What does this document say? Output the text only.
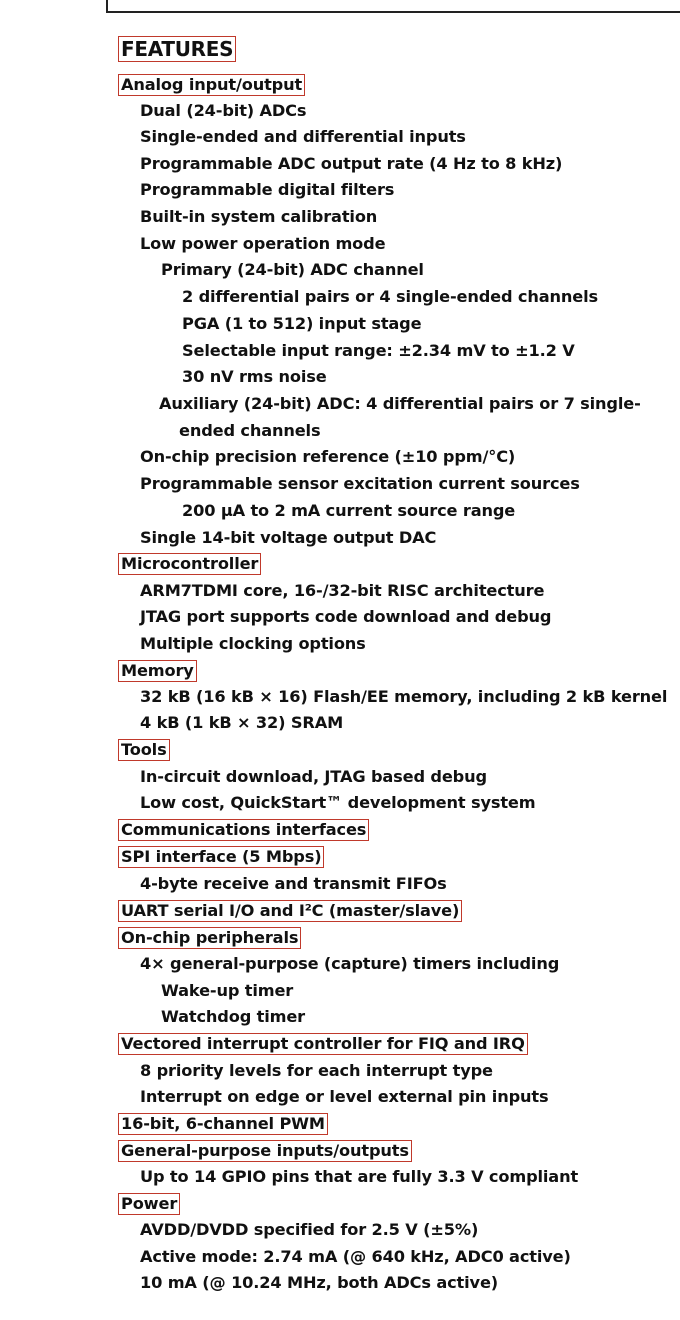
FEATURES
Analog input/output
Dual (24-bit) ADCs
Single-ended and differential inputs
Programmable ADC output rate (4 Hz to 8 kHz)
Programmable digital filters
Built-in system calibration
Low power operation mode
Primary (24-bit) ADC channel
2 differential pairs or 4 single-ended channels
PGA (1 to 512) input stage
Selectable input range: ±2.34 mV to ±1.2 V
30 nV rms noise
Auxiliary (24-bit) ADC: 4 differential pairs or 7 single-
ended channels
On-chip precision reference (±10 ppm/°C)
Programmable sensor excitation current sources
200 µA to 2 mA current source range
Single 14-bit voltage output DAC
Microcontroller
ARM7TDMI core, 16-/32-bit RISC architecture
JTAG port supports code download and debug
Multiple clocking options
Memory
32 kB (16 kB × 16) Flash/EE memory, including 2 kB kernel
4 kB (1 kB × 32) SRAM
Tools
In-circuit download, JTAG based debug
Low cost, QuickStart™ development system
Communications interfaces
SPI interface (5 Mbps)
4-byte receive and transmit FIFOs
UART serial I/O and I²C (master/slave)
On-chip peripherals
4× general-purpose (capture) timers including
Wake-up timer
Watchdog timer
Vectored interrupt controller for FIQ and IRQ
8 priority levels for each interrupt type
Interrupt on edge or level external pin inputs
16-bit, 6-channel PWM
General-purpose inputs/outputs
Up to 14 GPIO pins that are fully 3.3 V compliant
Power
AVDD/DVDD specified for 2.5 V (±5%)
Active mode: 2.74 mA (@ 640 kHz, ADC0 active)
10 mA (@ 10.24 MHz, both ADCs active)
